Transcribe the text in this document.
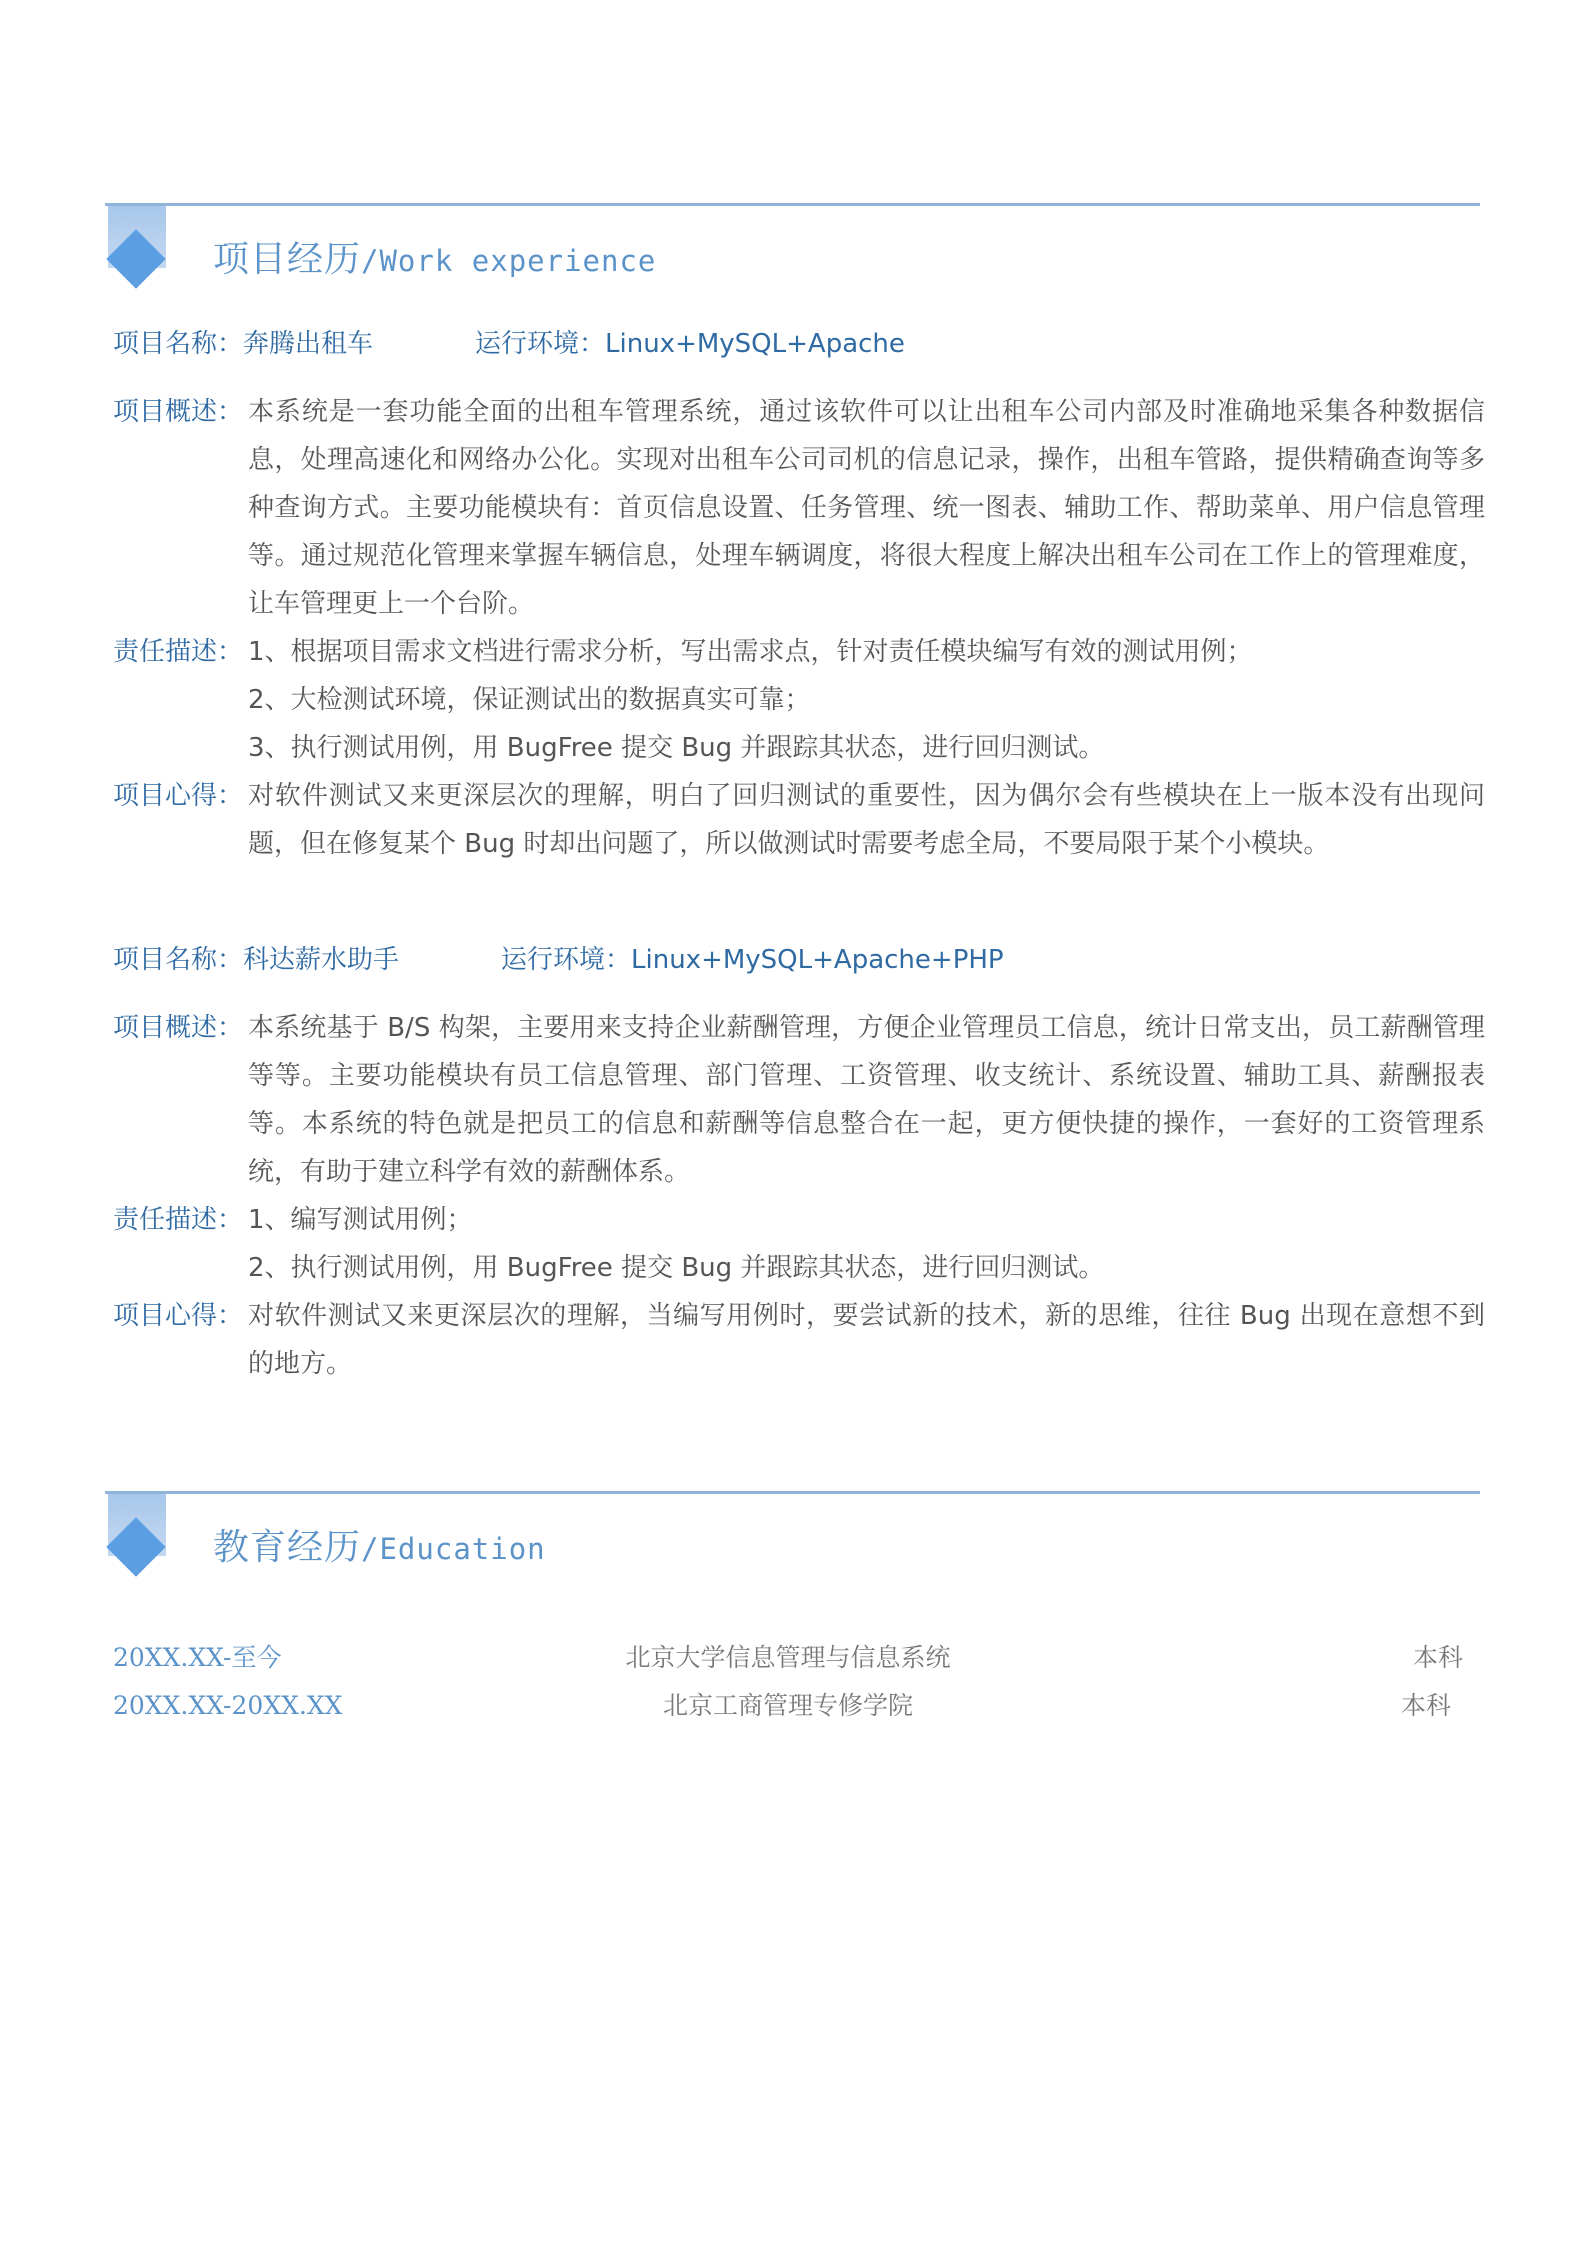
项目经历/Work experience
项目名称：奔腾出租车	运行环境：Linux+MySQL+Apache
项目概述： 本系统是一套功能全面的出租车管理系统，通过该软件可以让出租车公司内部及时准确地采集各种数据信息，处理高速化和网络办公化。实现对出租车公司司机的信息记录，操作，出租车管路，提供精确查询等多种查询方式。主要功能模块有：首页信息设置、任务管理、统一图表、辅助工作、帮助菜单、用户信息管理等。通过规范化管理来掌握车辆信息，处理车辆调度，将很大程度上解决出租车公司在工作上的管理难度，让车管理更上一个台阶。
责任描述： 1、根据项目需求文档进行需求分析，写出需求点，针对责任模块编写有效的测试用例；
2、大检测试环境，保证测试出的数据真实可靠；
3、执行测试用例，用 BugFree 提交 Bug 并跟踪其状态，进行回归测试。
项目心得： 对软件测试又来更深层次的理解，明白了回归测试的重要性，因为偶尔会有些模块在上一版本没有出现问题，但在修复某个 Bug 时却出问题了，所以做测试时需要考虑全局，不要局限于某个小模块。
项目名称：科达薪水助手	运行环境：Linux+MySQL+Apache+PHP
项目概述： 本系统基于 B/S 构架，主要用来支持企业薪酬管理，方便企业管理员工信息，统计日常支出，员工薪酬管理等等。主要功能模块有员工信息管理、部门管理、工资管理、收支统计、系统设置、辅助工具、薪酬报表等。本系统的特色就是把员工的信息和薪酬等信息整合在一起，更方便快捷的操作，一套好的工资管理系统，有助于建立科学有效的薪酬体系。
责任描述： 1、编写测试用例；
2、执行测试用例，用 BugFree 提交 Bug 并跟踪其状态，进行回归测试。
项目心得： 对软件测试又来更深层次的理解，当编写用例时，要尝试新的技术，新的思维，往往 Bug 出现在意想不到的地方。
教育经历/Education
20XX.XX-至今	北京大学信息管理与信息系统	本科
20XX.XX-20XX.XX	北京工商管理专修学院	本科
